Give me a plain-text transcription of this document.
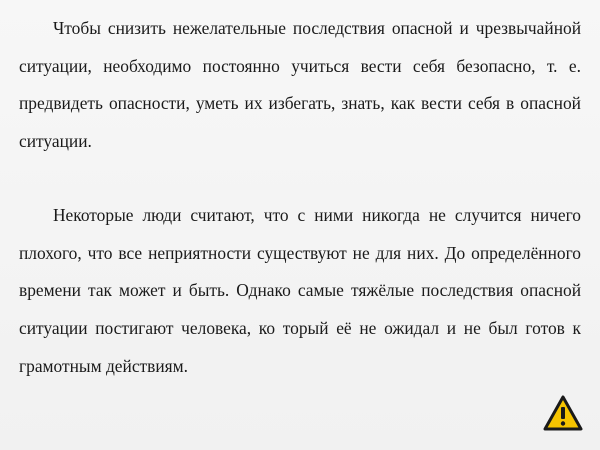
Чтобы снизить нежелательные последствия опасной и чрезвычайной ситуации, необходимо постоянно учиться вести себя безопасно, т. е. предвидеть опасности, уметь их избегать, знать, как вести себя в опасной ситуации.

Некоторые люди считают, что с ними никогда не случится ничего плохого, что все неприятности существуют не для них. До определённого времени так может и быть. Однако самые тяжёлые последствия опасной ситуации постигают человека, ко торый её не ожидал и не был готов к грамотным действиям.
